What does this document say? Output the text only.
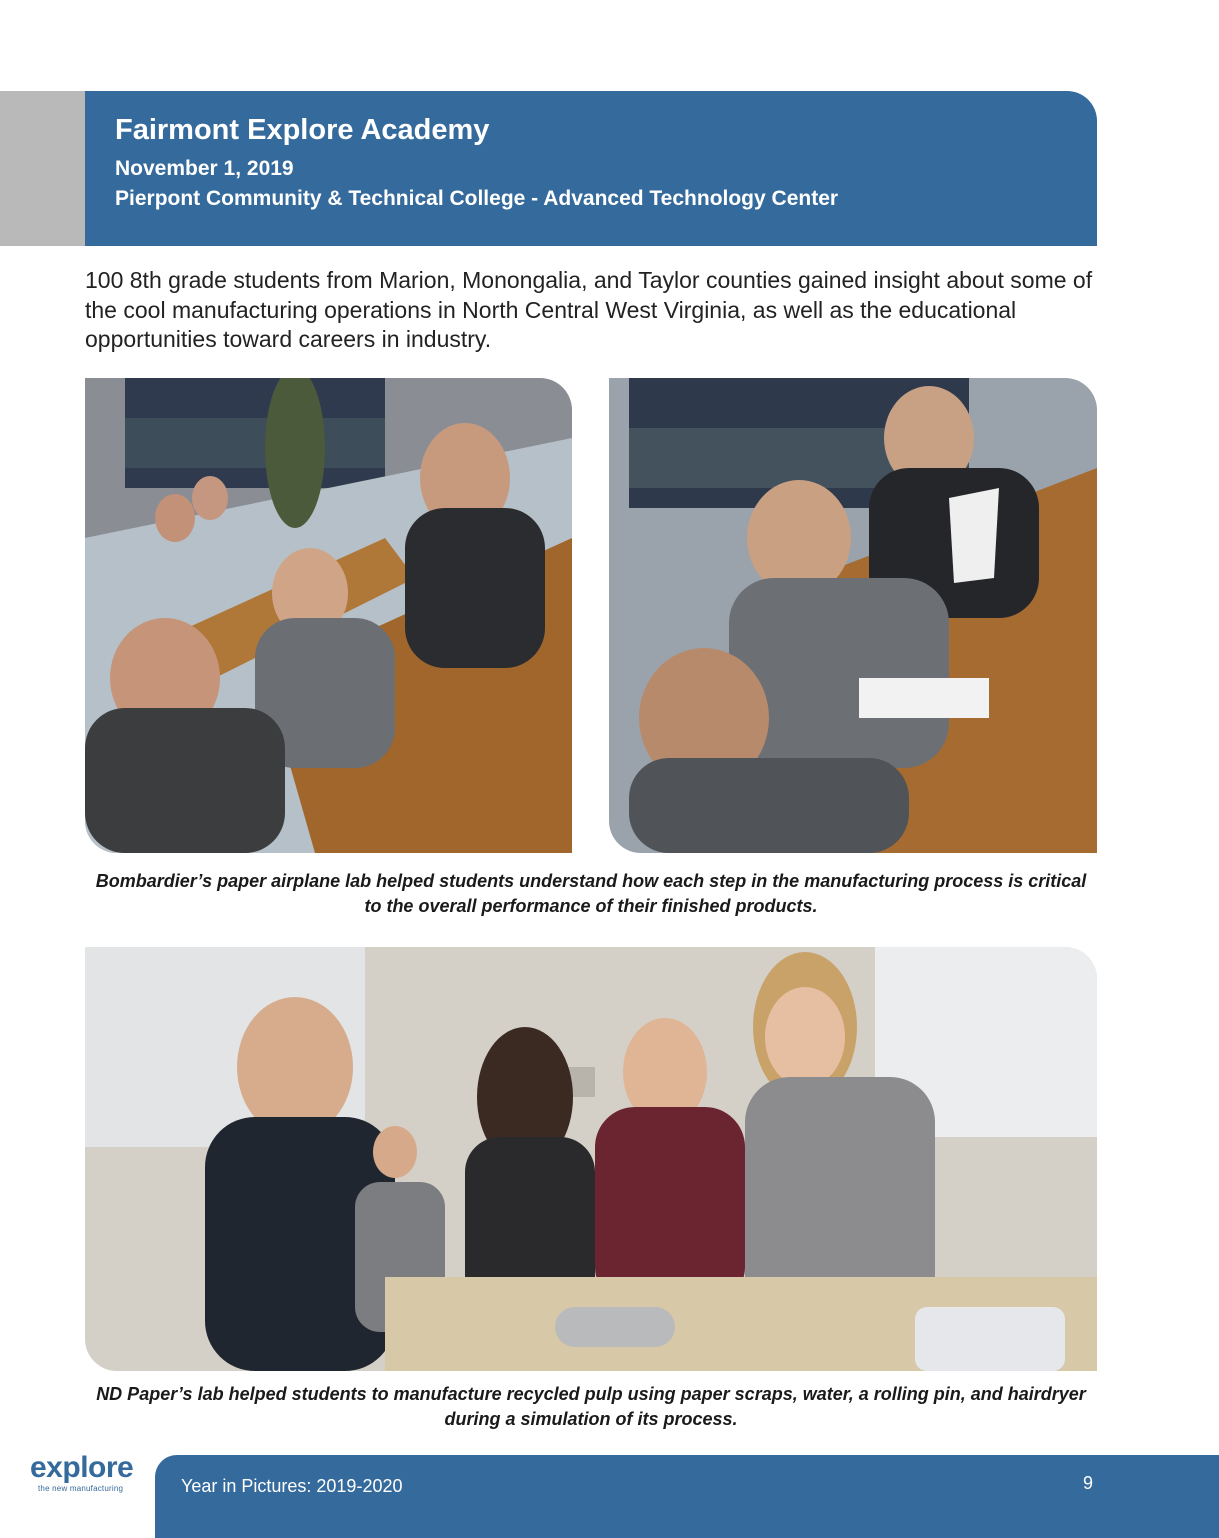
Fairmont Explore Academy
November 1, 2019
Pierpont Community & Technical College - Advanced Technology Center
100 8th grade students from Marion, Monongalia, and Taylor counties gained insight about some of the cool manufacturing operations in North Central West Virginia, as well as the educational opportunities toward careers in industry.
Bombardier’s paper airplane lab helped students understand how each step in the manufacturing process is critical to the overall performance of their finished products.
ND Paper’s lab helped students to manufacture recycled pulp using paper scraps, water, a rolling pin, and hairdryer during a simulation of its process.
explore
the new manufacturing	Year in Pictures: 2019-2020	9
